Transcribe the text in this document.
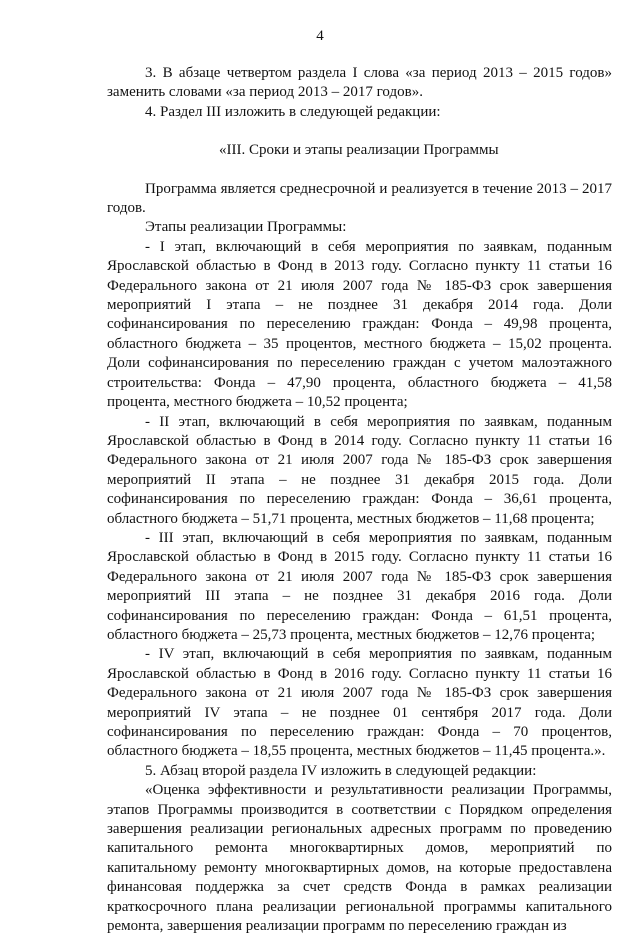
4

3. В абзаце четвертом раздела I слова «за период 2013 – 2015 годов» заменить словами «за период 2013 – 2017 годов».

4. Раздел III изложить в следующей редакции:

«III. Сроки и этапы реализации Программы

Программа является среднесрочной и реализуется в течение 2013 – 2017 годов.

Этапы реализации Программы:

- I этап, включающий в себя мероприятия по заявкам, поданным Ярославской областью в Фонд в 2013 году. Согласно пункту 11 статьи 16 Федерального закона от 21 июля 2007 года № 185-ФЗ срок завершения мероприятий I этапа – не позднее 31 декабря 2014 года. Доли софинансирования по переселению граждан: Фонда – 49,98 процента, областного бюджета – 35 процентов, местного бюджета – 15,02 процента. Доли софинансирования по переселению граждан с учетом малоэтажного строительства: Фонда – 47,90 процента, областного бюджета – 41,58 процента, местного бюджета – 10,52 процента;

- II этап, включающий в себя мероприятия по заявкам, поданным Ярославской областью в Фонд в 2014 году. Согласно пункту 11 статьи 16 Федерального закона от 21 июля 2007 года № 185-ФЗ срок завершения мероприятий II этапа – не позднее 31 декабря 2015 года. Доли софинансирования по переселению граждан: Фонда – 36,61 процента, областного бюджета – 51,71 процента, местных бюджетов – 11,68 процента;

- III этап, включающий в себя мероприятия по заявкам, поданным Ярославской областью в Фонд в 2015 году. Согласно пункту 11 статьи 16 Федерального закона от 21 июля 2007 года № 185-ФЗ срок завершения мероприятий III этапа – не позднее 31 декабря 2016 года. Доли софинансирования по переселению граждан: Фонда – 61,51 процента, областного бюджета – 25,73 процента, местных бюджетов – 12,76 процента;

- IV этап, включающий в себя мероприятия по заявкам, поданным Ярославской областью в Фонд в 2016 году. Согласно пункту 11 статьи 16 Федерального закона от 21 июля 2007 года № 185-ФЗ срок завершения мероприятий IV этапа – не позднее 01 сентября 2017 года. Доли софинансирования по переселению граждан: Фонда – 70 процентов, областного бюджета – 18,55 процента, местных бюджетов – 11,45 процента.».

5. Абзац второй раздела IV изложить в следующей редакции:

«Оценка эффективности и результативности реализации Программы, этапов Программы производится в соответствии с Порядком определения завершения реализации региональных адресных программ по проведению капитального ремонта многоквартирных домов, мероприятий по капитальному ремонту многоквартирных домов, на которые предоставлена финансовая поддержка за счет средств Фонда в рамках реализации краткосрочного плана реализации региональной программы капитального ремонта, завершения реализации программ по переселению граждан из
